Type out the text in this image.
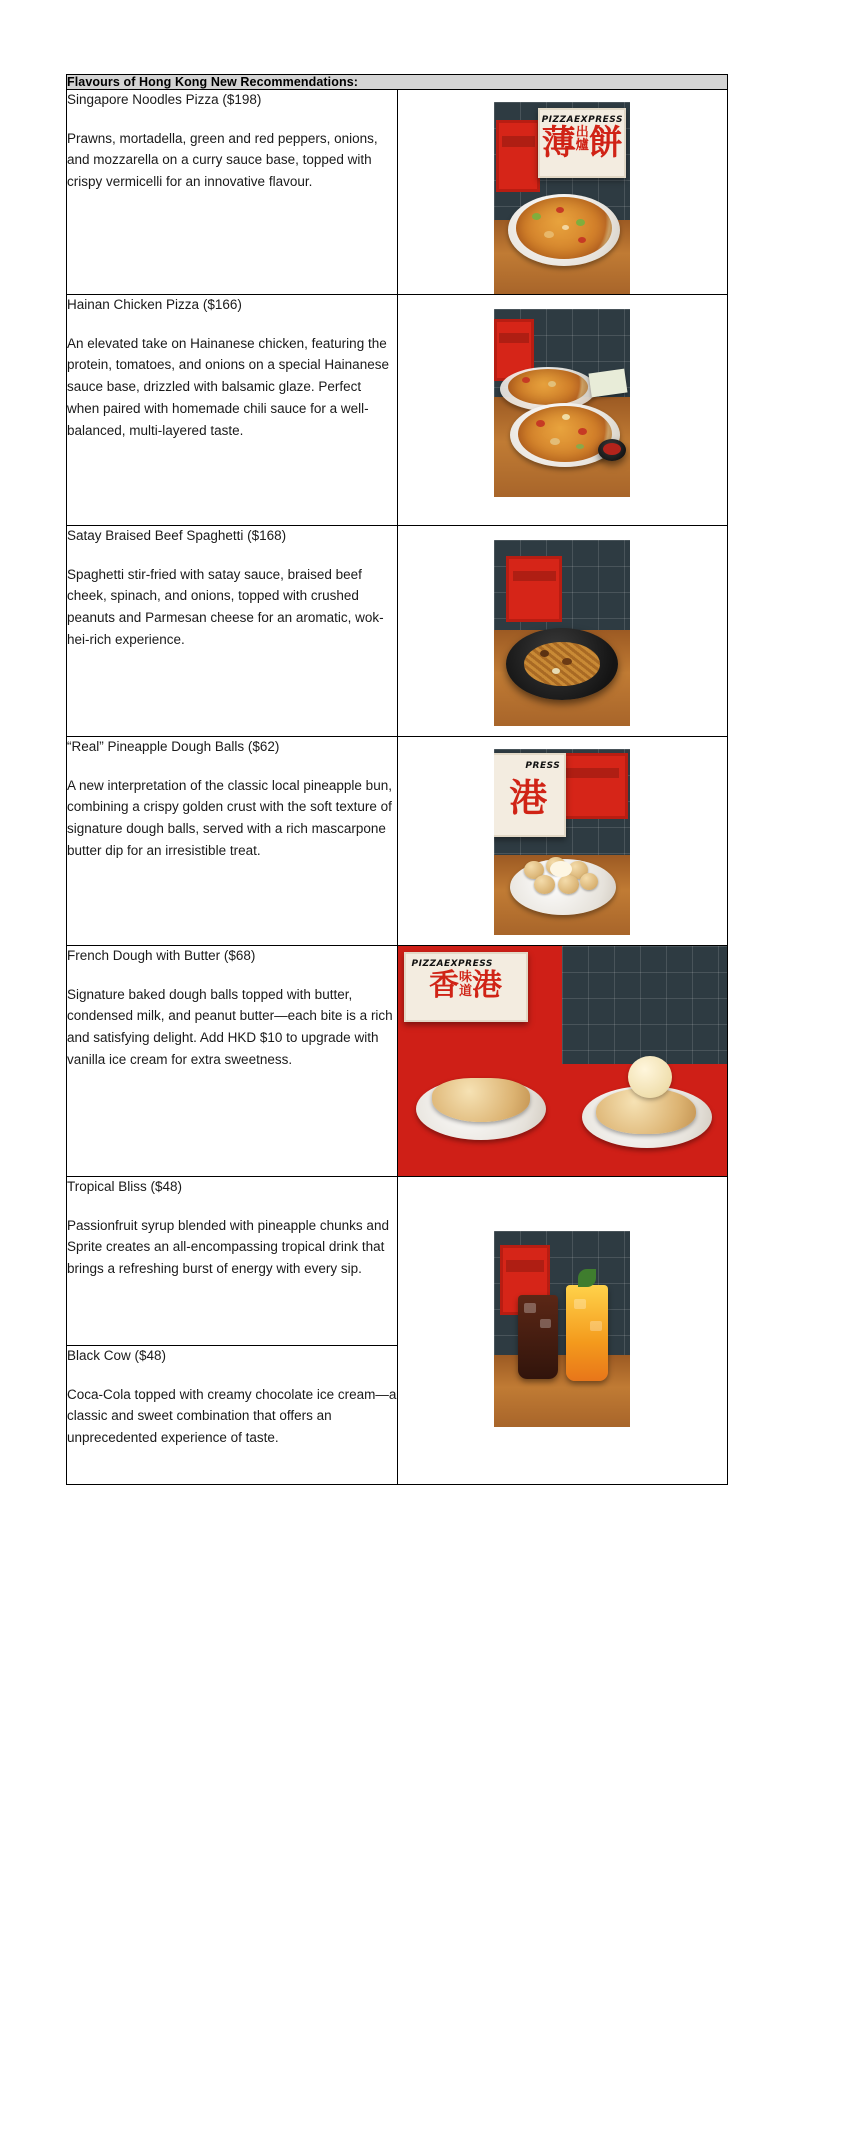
Flavours of Hong Kong New Recommendations:	

Singapore Noodles Pizza ($198)

Prawns, mortadella, green and red peppers, onions, and mozzarella on a curry sauce base, topped with crispy vermicelli for an innovative flavour.

PIZZAEXPRESS
薄出
爐餅

Hainan Chicken Pizza ($166)

An elevated take on Hainanese chicken, featuring the protein, tomatoes, and onions on a special Hainanese sauce base, drizzled with balsamic glaze. Perfect when paired with homemade chili sauce for a well-balanced, multi-layered taste.	

Satay Braised Beef Spaghetti ($168)

Spaghetti stir-fried with satay sauce, braised beef cheek, spinach, and onions, topped with crushed peanuts and Parmesan cheese for an aromatic, wok-hei-rich experience.	

“Real” Pineapple Dough Balls ($62)

A new interpretation of the classic local pineapple bun, combining a crispy golden crust with the soft texture of signature dough balls, served with a rich mascarpone butter dip for an irresistible treat.

PRESS
港

French Dough with Butter ($68)

Signature baked dough balls topped with butter, condensed milk, and peanut butter—each bite is a rich and satisfying delight. Add HKD $10 to upgrade with vanilla ice cream for extra sweetness.

PIZZAEXPRESS
香味
道港

Tropical Bliss ($48)

Passionfruit syrup blended with pineapple chunks and Sprite creates an all-encompassing tropical drink that brings a refreshing burst of energy with every sip.	

Black Cow ($48)

Coca-Cola topped with creamy chocolate ice cream—a classic and sweet combination that offers an unprecedented experience of taste.	
